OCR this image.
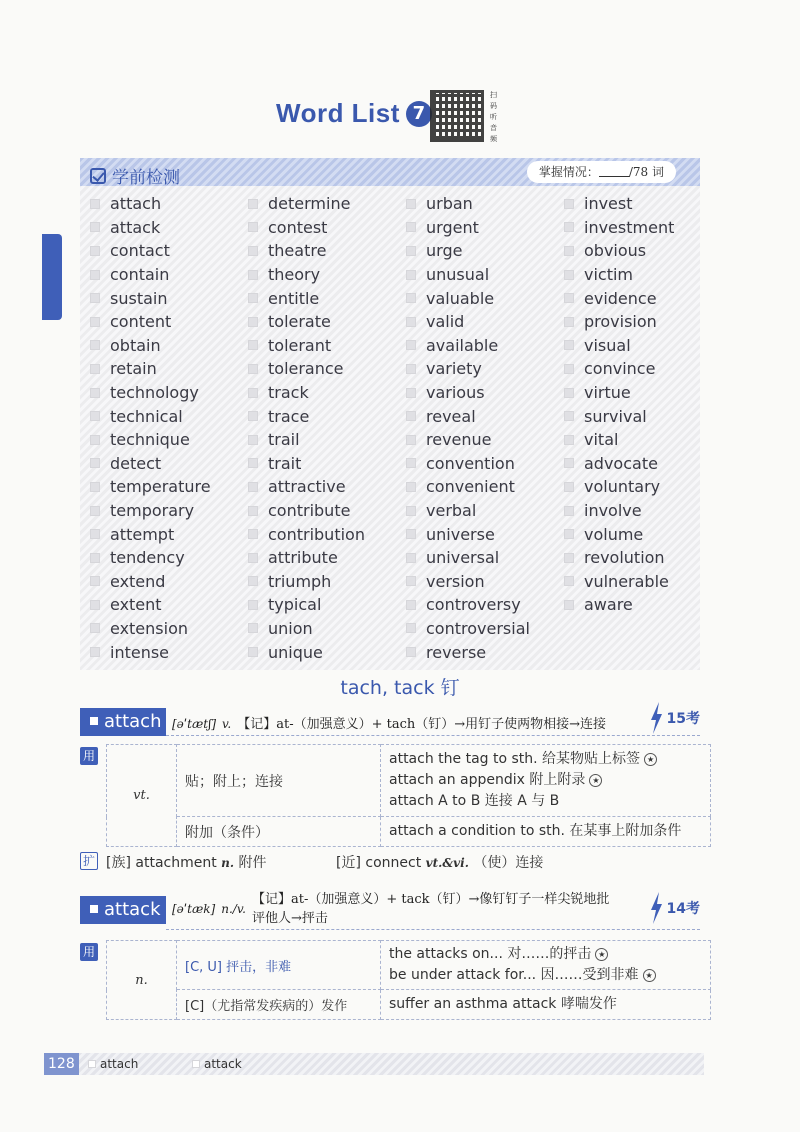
Word List 7
扫码听音频
学前检测	掌握情况：	/78 词
attach
attack
contact
contain
sustain
content
obtain
retain
technology
technical
technique
detect
temperature
temporary
attempt
tendency
extend
extent
extension
intense
determine
contest
theatre
theory
entitle
tolerate
tolerant
tolerance
track
trace
trail
trait
attractive
contribute
contribution
attribute
triumph
typical
union
unique
urban
urgent
urge
unusual
valuable
valid
available
variety
various
reveal
revenue
convention
convenient
verbal
universe
universal
version
controversy
controversial
reverse
invest
investment
obvious
victim
evidence
provision
visual
convince
virtue
survival
vital
advocate
voluntary
involve
volume
revolution
vulnerable
aware
tach, tack 钉
attach [əˈtætʃ] v. 【记】at-（加强意义）+ tach（钉）→用钉子使两物相接→连接	15考
用
vt.	贴；附上；连接	attach the tag to sth. 给某物贴上标签 ★
attach an appendix 附上附录 ★
attach A to B 连接 A 与 B

	附加（条件）	attach a condition to sth. 在某事上附加条件
扩 [族] attachment n. 附件	[近] connect vt.&vi. （使）连接
attack [əˈtæk] n./v.
【记】at-（加强意义）+ tack（钉）→像钉钉子一样尖锐地批
评他人→抨击
14考
用
n.	[C, U] 抨击，非难	the attacks on... 对……的抨击 ★
be under attack for... 因……受到非难 ★

	[C]（尤指常发疾病的）发作	suffer an asthma attack 哮喘发作
128	attach	attack
